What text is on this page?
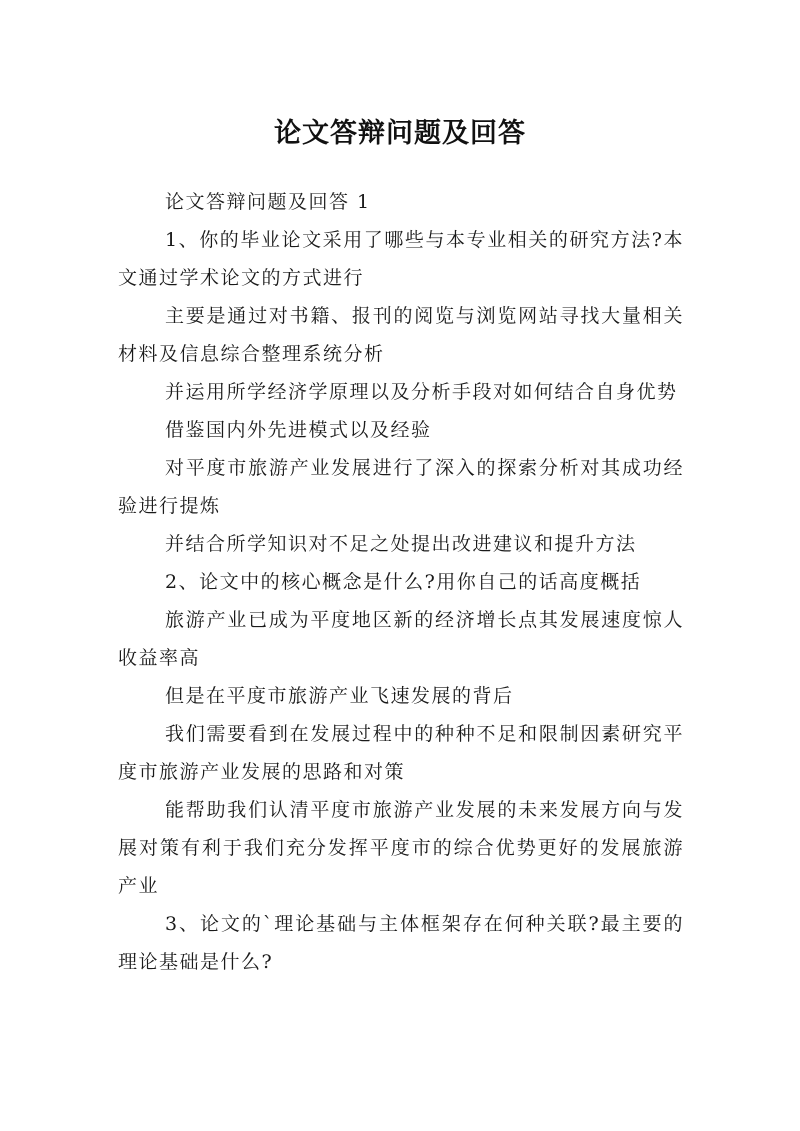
论文答辩问题及回答

论文答辩问题及回答 1

1、你的毕业论文采用了哪些与本专业相关的研究方法?本文通过学术论文的方式进行

主要是通过对书籍、报刊的阅览与浏览网站寻找大量相关材料及信息综合整理系统分析

并运用所学经济学原理以及分析手段对如何结合自身优势

借鉴国内外先进模式以及经验

对平度市旅游产业发展进行了深入的探索分析对其成功经验进行提炼

并结合所学知识对不足之处提出改进建议和提升方法

2、论文中的核心概念是什么?用你自己的话高度概括

旅游产业已成为平度地区新的经济增长点其发展速度惊人收益率高

但是在平度市旅游产业飞速发展的背后

我们需要看到在发展过程中的种种不足和限制因素研究平度市旅游产业发展的思路和对策

能帮助我们认清平度市旅游产业发展的未来发展方向与发展对策有利于我们充分发挥平度市的综合优势更好的发展旅游产业

3、论文的`理论基础与主体框架存在何种关联?最主要的理论基础是什么?
